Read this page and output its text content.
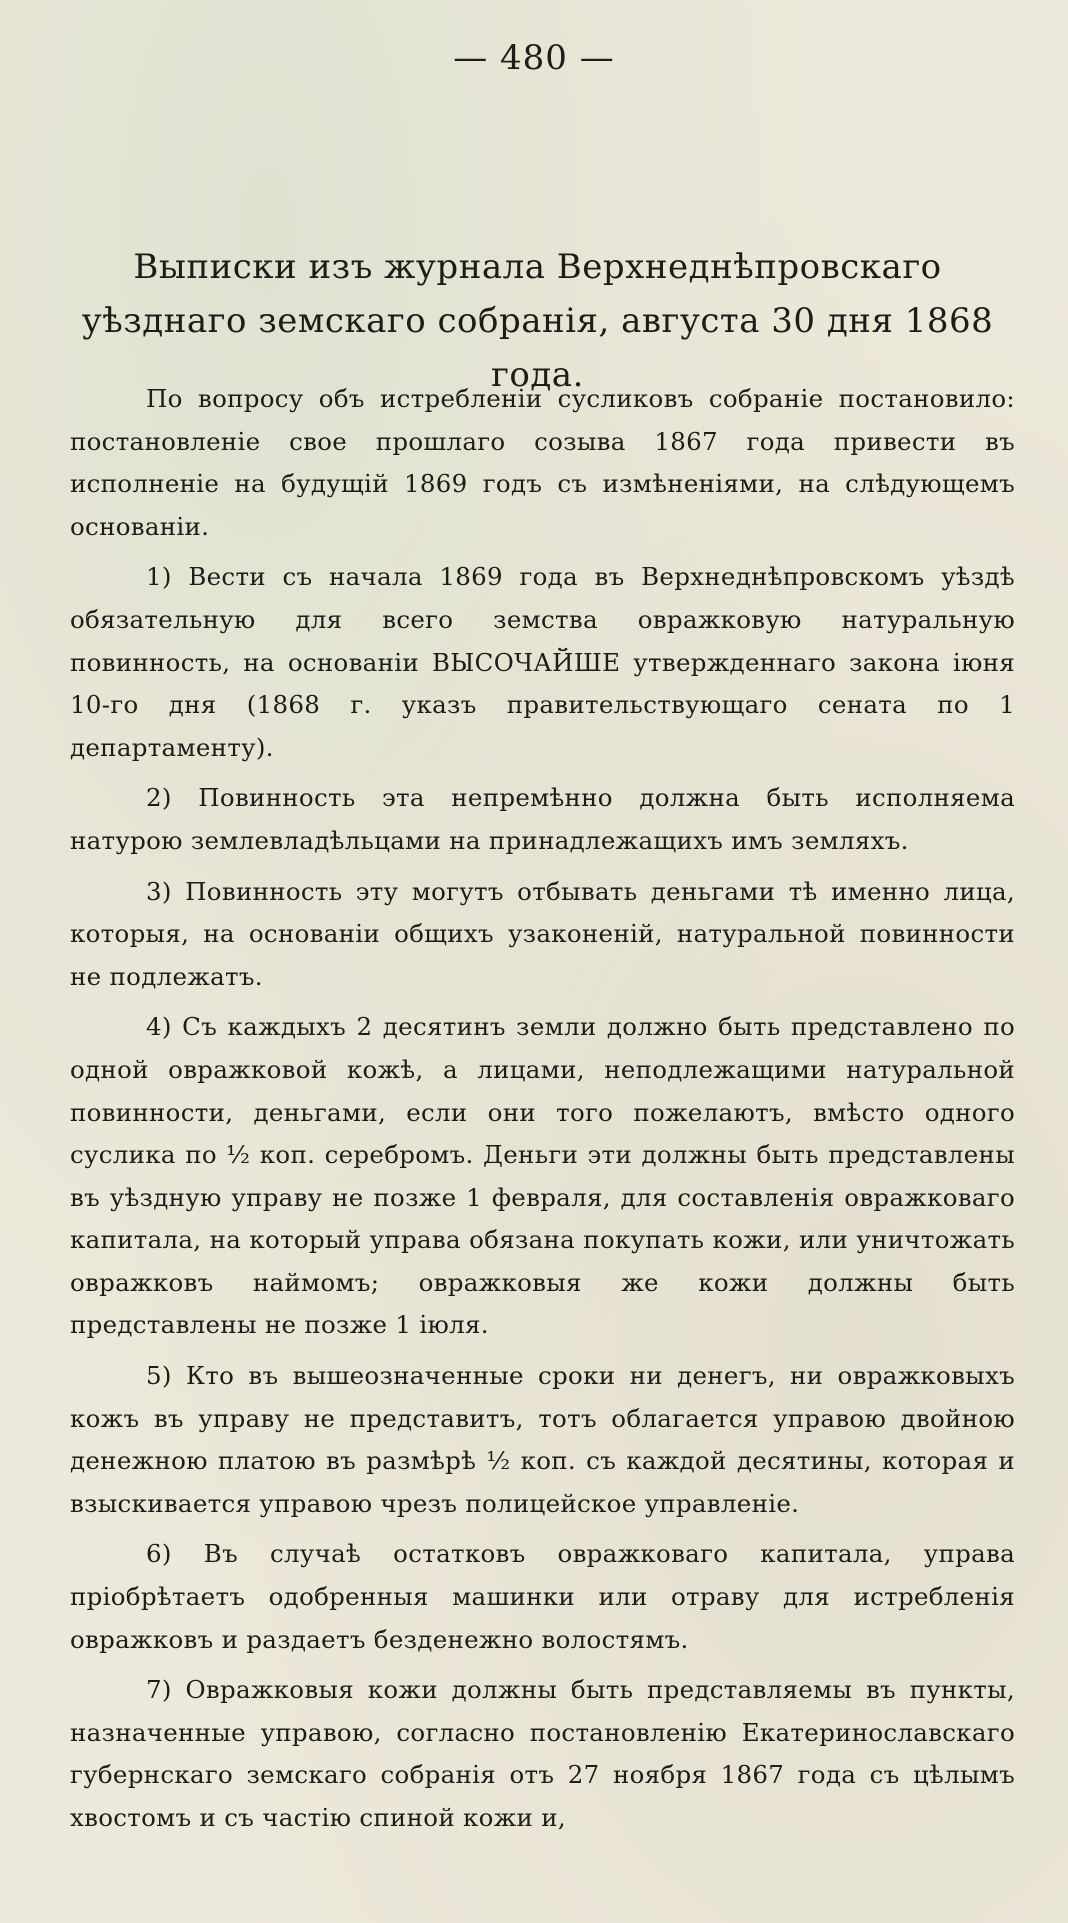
— 480 —
Выписки изъ журнала Верхнеднѣпровскаго уѣзднаго земскаго собранія, августа 30 дня 1868 года.

По вопросу объ истребленіи сусликовъ собраніе постановило: постановленіе свое прошлаго созыва 1867 года привести въ исполненіе на будущій 1869 годъ съ измѣненіями, на слѣдующемъ основаніи.

1) Вести съ начала 1869 года въ Верхнеднѣпровскомъ уѣздѣ обязательную для всего земства овражковую натуральную повинность, на основаніи ВЫСОЧАЙШЕ утвержденнаго закона іюня 10-го дня (1868 г. указъ правительствующаго сената по 1 департаменту).

2) Повинность эта непремѣнно должна быть исполняема натурою землевладѣльцами на принадлежащихъ имъ земляхъ.

3) Повинность эту могутъ отбывать деньгами тѣ именно лица, которыя, на основаніи общихъ узаконеній, натуральной повинности не подлежатъ.

4) Съ каждыхъ 2 десятинъ земли должно быть представлено по одной овражковой кожѣ, а лицами, неподлежащими натуральной повинности, деньгами, если они того пожелаютъ, вмѣсто одного суслика по ½ коп. серебромъ. Деньги эти должны быть представлены въ уѣздную управу не позже 1 февраля, для составленія овражковаго капитала, на который управа обязана покупать кожи, или уничтожать овражковъ наймомъ; овражковыя же кожи должны быть представлены не позже 1 іюля.

5) Кто въ вышеозначенные сроки ни денегъ, ни овражковыхъ кожъ въ управу не представитъ, тотъ облагается управою двойною денежною платою въ размѣрѣ ½ коп. съ каждой десятины, которая и взыскивается управою чрезъ полицейское управленіе.

6) Въ случаѣ остатковъ овражковаго капитала, управа пріобрѣтаетъ одобренныя машинки или отраву для истребленія овражковъ и раздаетъ безденежно волостямъ.

7) Овражковыя кожи должны быть представляемы въ пункты, назначенные управою, согласно постановленію Екатеринославскаго губернскаго земскаго собранія отъ 27 ноября 1867 года съ цѣлымъ хвостомъ и съ частію спиной кожи и,
